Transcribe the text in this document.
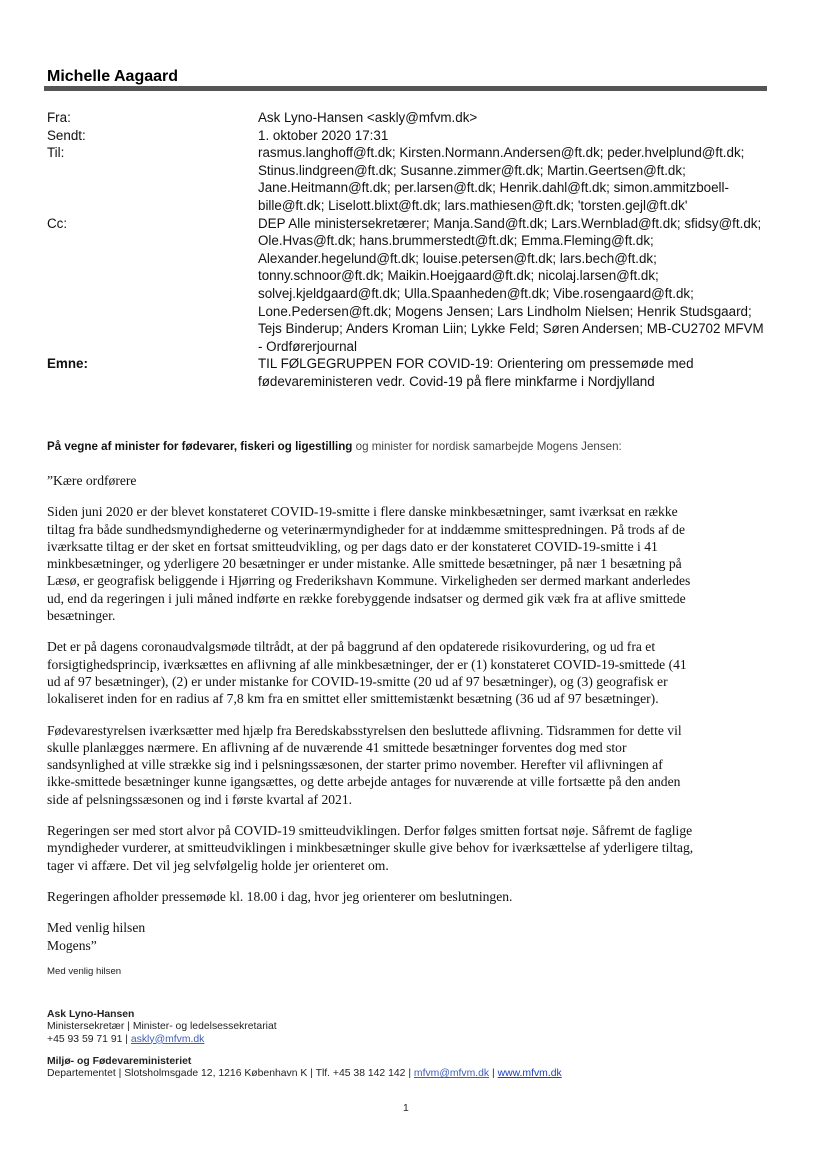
Michelle Aagaard
Fra:	Ask Lyno-Hansen <askly@mfvm.dk>
Sendt:	1. oktober 2020 17:31
Til:	rasmus.langhoff@ft.dk; Kirsten.Normann.Andersen@ft.dk; peder.hvelplund@ft.dk;
Stinus.lindgreen@ft.dk; Susanne.zimmer@ft.dk; Martin.Geertsen@ft.dk;
Jane.Heitmann@ft.dk; per.larsen@ft.dk; Henrik.dahl@ft.dk; simon.ammitzboell-
bille@ft.dk; Liselott.blixt@ft.dk; lars.mathiesen@ft.dk; 'torsten.gejl@ft.dk'
Cc:	DEP Alle ministersekretærer; Manja.Sand@ft.dk; Lars.Wernblad@ft.dk; sfidsy@ft.dk;
Ole.Hvas@ft.dk; hans.brummerstedt@ft.dk; Emma.Fleming@ft.dk;
Alexander.hegelund@ft.dk; louise.petersen@ft.dk; lars.bech@ft.dk;
tonny.schnoor@ft.dk; Maikin.Hoejgaard@ft.dk; nicolaj.larsen@ft.dk;
solvej.kjeldgaard@ft.dk; Ulla.Spaanheden@ft.dk; Vibe.rosengaard@ft.dk;
Lone.Pedersen@ft.dk; Mogens Jensen; Lars Lindholm Nielsen; Henrik Studsgaard;
Tejs Binderup; Anders Kroman Liin; Lykke Feld; Søren Andersen; MB-CU2702 MFVM
- Ordførerjournal
Emne:	TIL FØLGEGRUPPEN FOR COVID-19: Orientering om pressemøde med
fødevareministeren vedr. Covid-19 på flere minkfarme i Nordjylland
På vegne af minister for fødevarer, fiskeri og ligestilling og minister for nordisk samarbejde Mogens Jensen:

”Kære ordførere

Siden juni 2020 er der blevet konstateret COVID-19-smitte i flere danske minkbesætninger, samt iværksat en række
tiltag fra både sundhedsmyndighederne og veterinærmyndigheder for at inddæmme smittespredningen. På trods af de
iværksatte tiltag er der sket en fortsat smitteudvikling, og per dags dato er der konstateret COVID-19-smitte i 41
minkbesætninger, og yderligere 20 besætninger er under mistanke. Alle smittede besætninger, på nær 1 besætning på
Læsø, er geografisk beliggende i Hjørring og Frederikshavn Kommune. Virkeligheden ser dermed markant anderledes
ud, end da regeringen i juli måned indførte en række forebyggende indsatser og dermed gik væk fra at aflive smittede
besætninger.

Det er på dagens coronaudvalgsmøde tiltrådt, at der på baggrund af den opdaterede risikovurdering, og ud fra et
forsigtighedsprincip, iværksættes en aflivning af alle minkbesætninger, der er (1) konstateret COVID-19-smittede (41
ud af 97 besætninger), (2) er under mistanke for COVID-19-smitte (20 ud af 97 besætninger), og (3) geografisk er
lokaliseret inden for en radius af 7,8 km fra en smittet eller smittemistænkt besætning (36 ud af 97 besætninger).

Fødevarestyrelsen iværksætter med hjælp fra Beredskabsstyrelsen den besluttede aflivning. Tidsrammen for dette vil
skulle planlægges nærmere. En aflivning af de nuværende 41 smittede besætninger forventes dog med stor
sandsynlighed at ville strække sig ind i pelsningssæsonen, der starter primo november. Herefter vil aflivningen af
ikke-smittede besætninger kunne igangsættes, og dette arbejde antages for nuværende at ville fortsætte på den anden
side af pelsningssæsonen og ind i første kvartal af 2021.

Regeringen ser med stort alvor på COVID-19 smitteudviklingen. Derfor følges smitten fortsat nøje. Såfremt de faglige
myndigheder vurderer, at smitteudviklingen i minkbesætninger skulle give behov for iværksættelse af yderligere tiltag,
tager vi affære. Det vil jeg selvfølgelig holde jer orienteret om.

Regeringen afholder pressemøde kl. 18.00 i dag, hvor jeg orienterer om beslutningen.

Med venlig hilsen
Mogens”

Med venlig hilsen
Ask Lyno-Hansen
Ministersekretær | Minister- og ledelsessekretariat
+45 93 59 71 91 | askly@mfvm.dk
Miljø- og Fødevareministeriet
Departementet | Slotsholmsgade 12, 1216 København K | Tlf. +45 38 142 142 | mfvm@mfvm.dk | www.mfvm.dk
1
